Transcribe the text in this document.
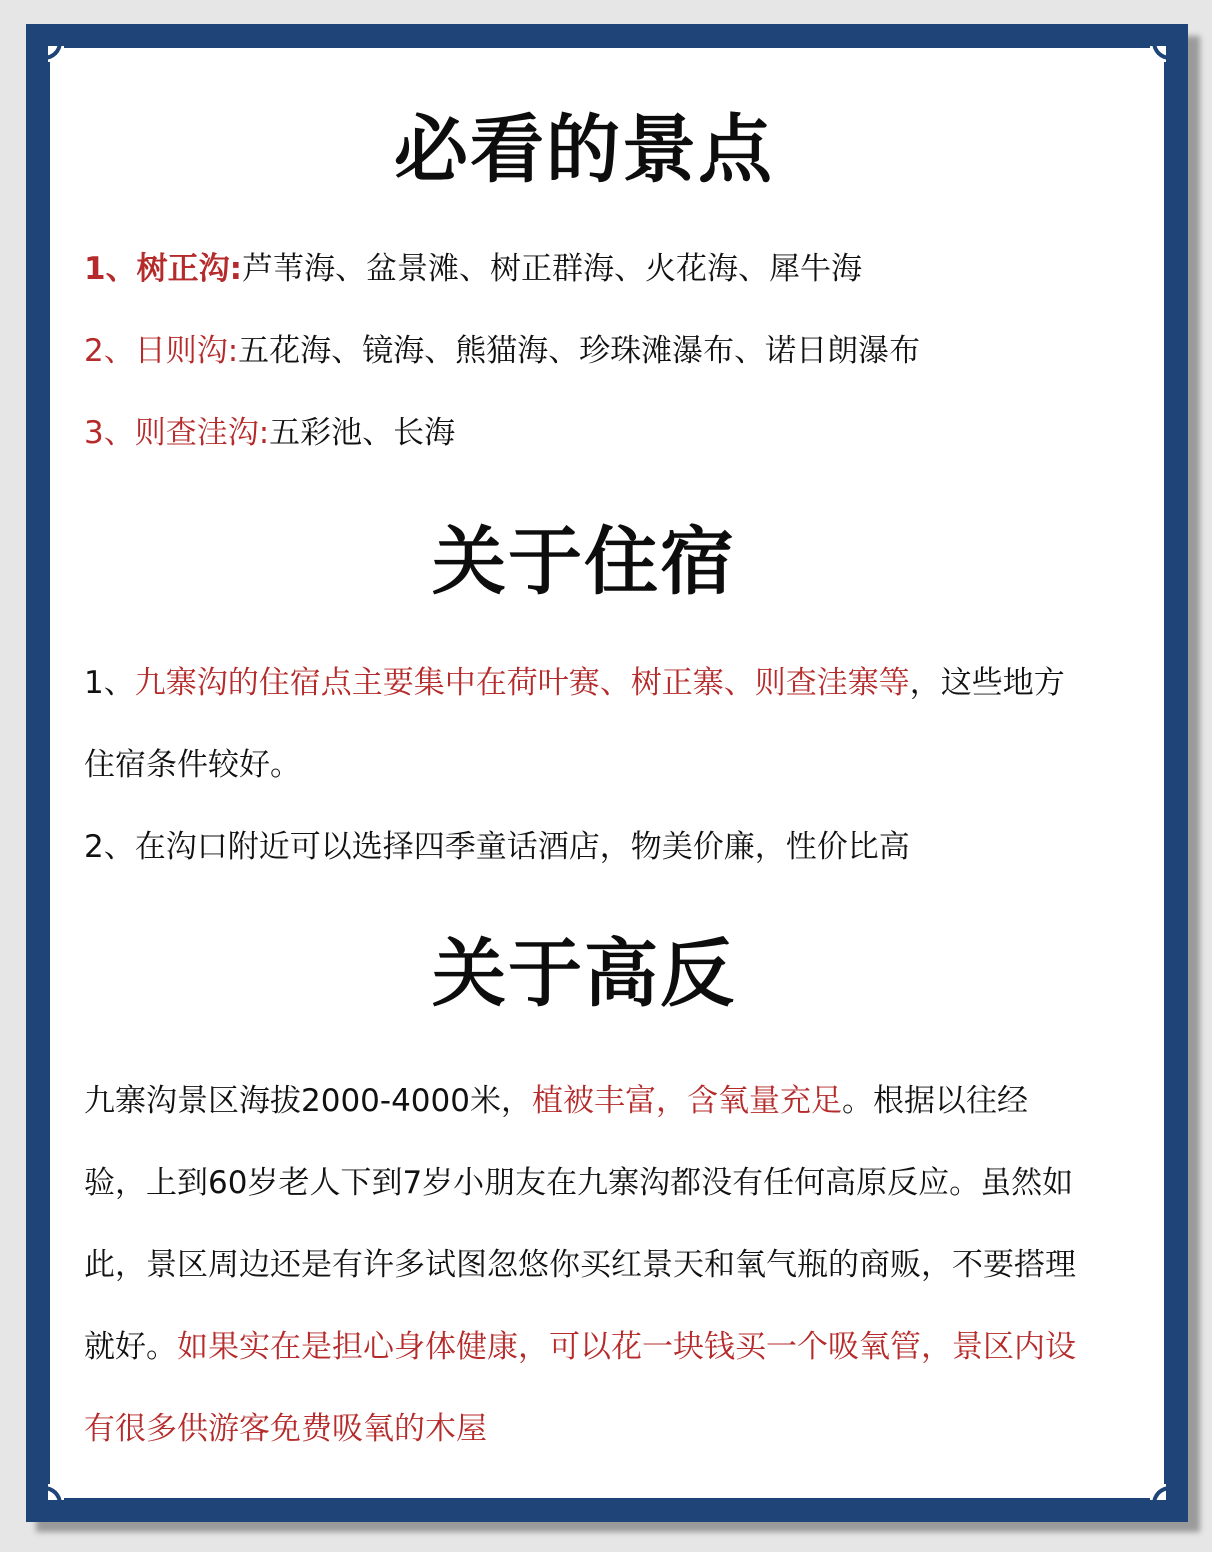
必看的景点
1、树正沟:芦苇海、盆景滩、树正群海、火花海、犀牛海
2、日则沟:五花海、镜海、熊猫海、珍珠滩瀑布、诺日朗瀑布
3、则查洼沟:五彩池、长海
关于住宿

1、九寨沟的住宿点主要集中在荷叶赛、树正寨、则查洼寨等，这些地方住宿条件较好。

2、在沟口附近可以选择四季童话酒店，物美价廉，性价比高

关于高反

九寨沟景区海拔2000-4000米，植被丰富，含氧量充足。根据以往经验，上到60岁老人下到7岁小朋友在九寨沟都没有任何高原反应。虽然如此，景区周边还是有许多试图忽悠你买红景天和氧气瓶的商贩，不要搭理就好。如果实在是担心身体健康，可以花一块钱买一个吸氧管，景区内设有很多供游客免费吸氧的木屋
